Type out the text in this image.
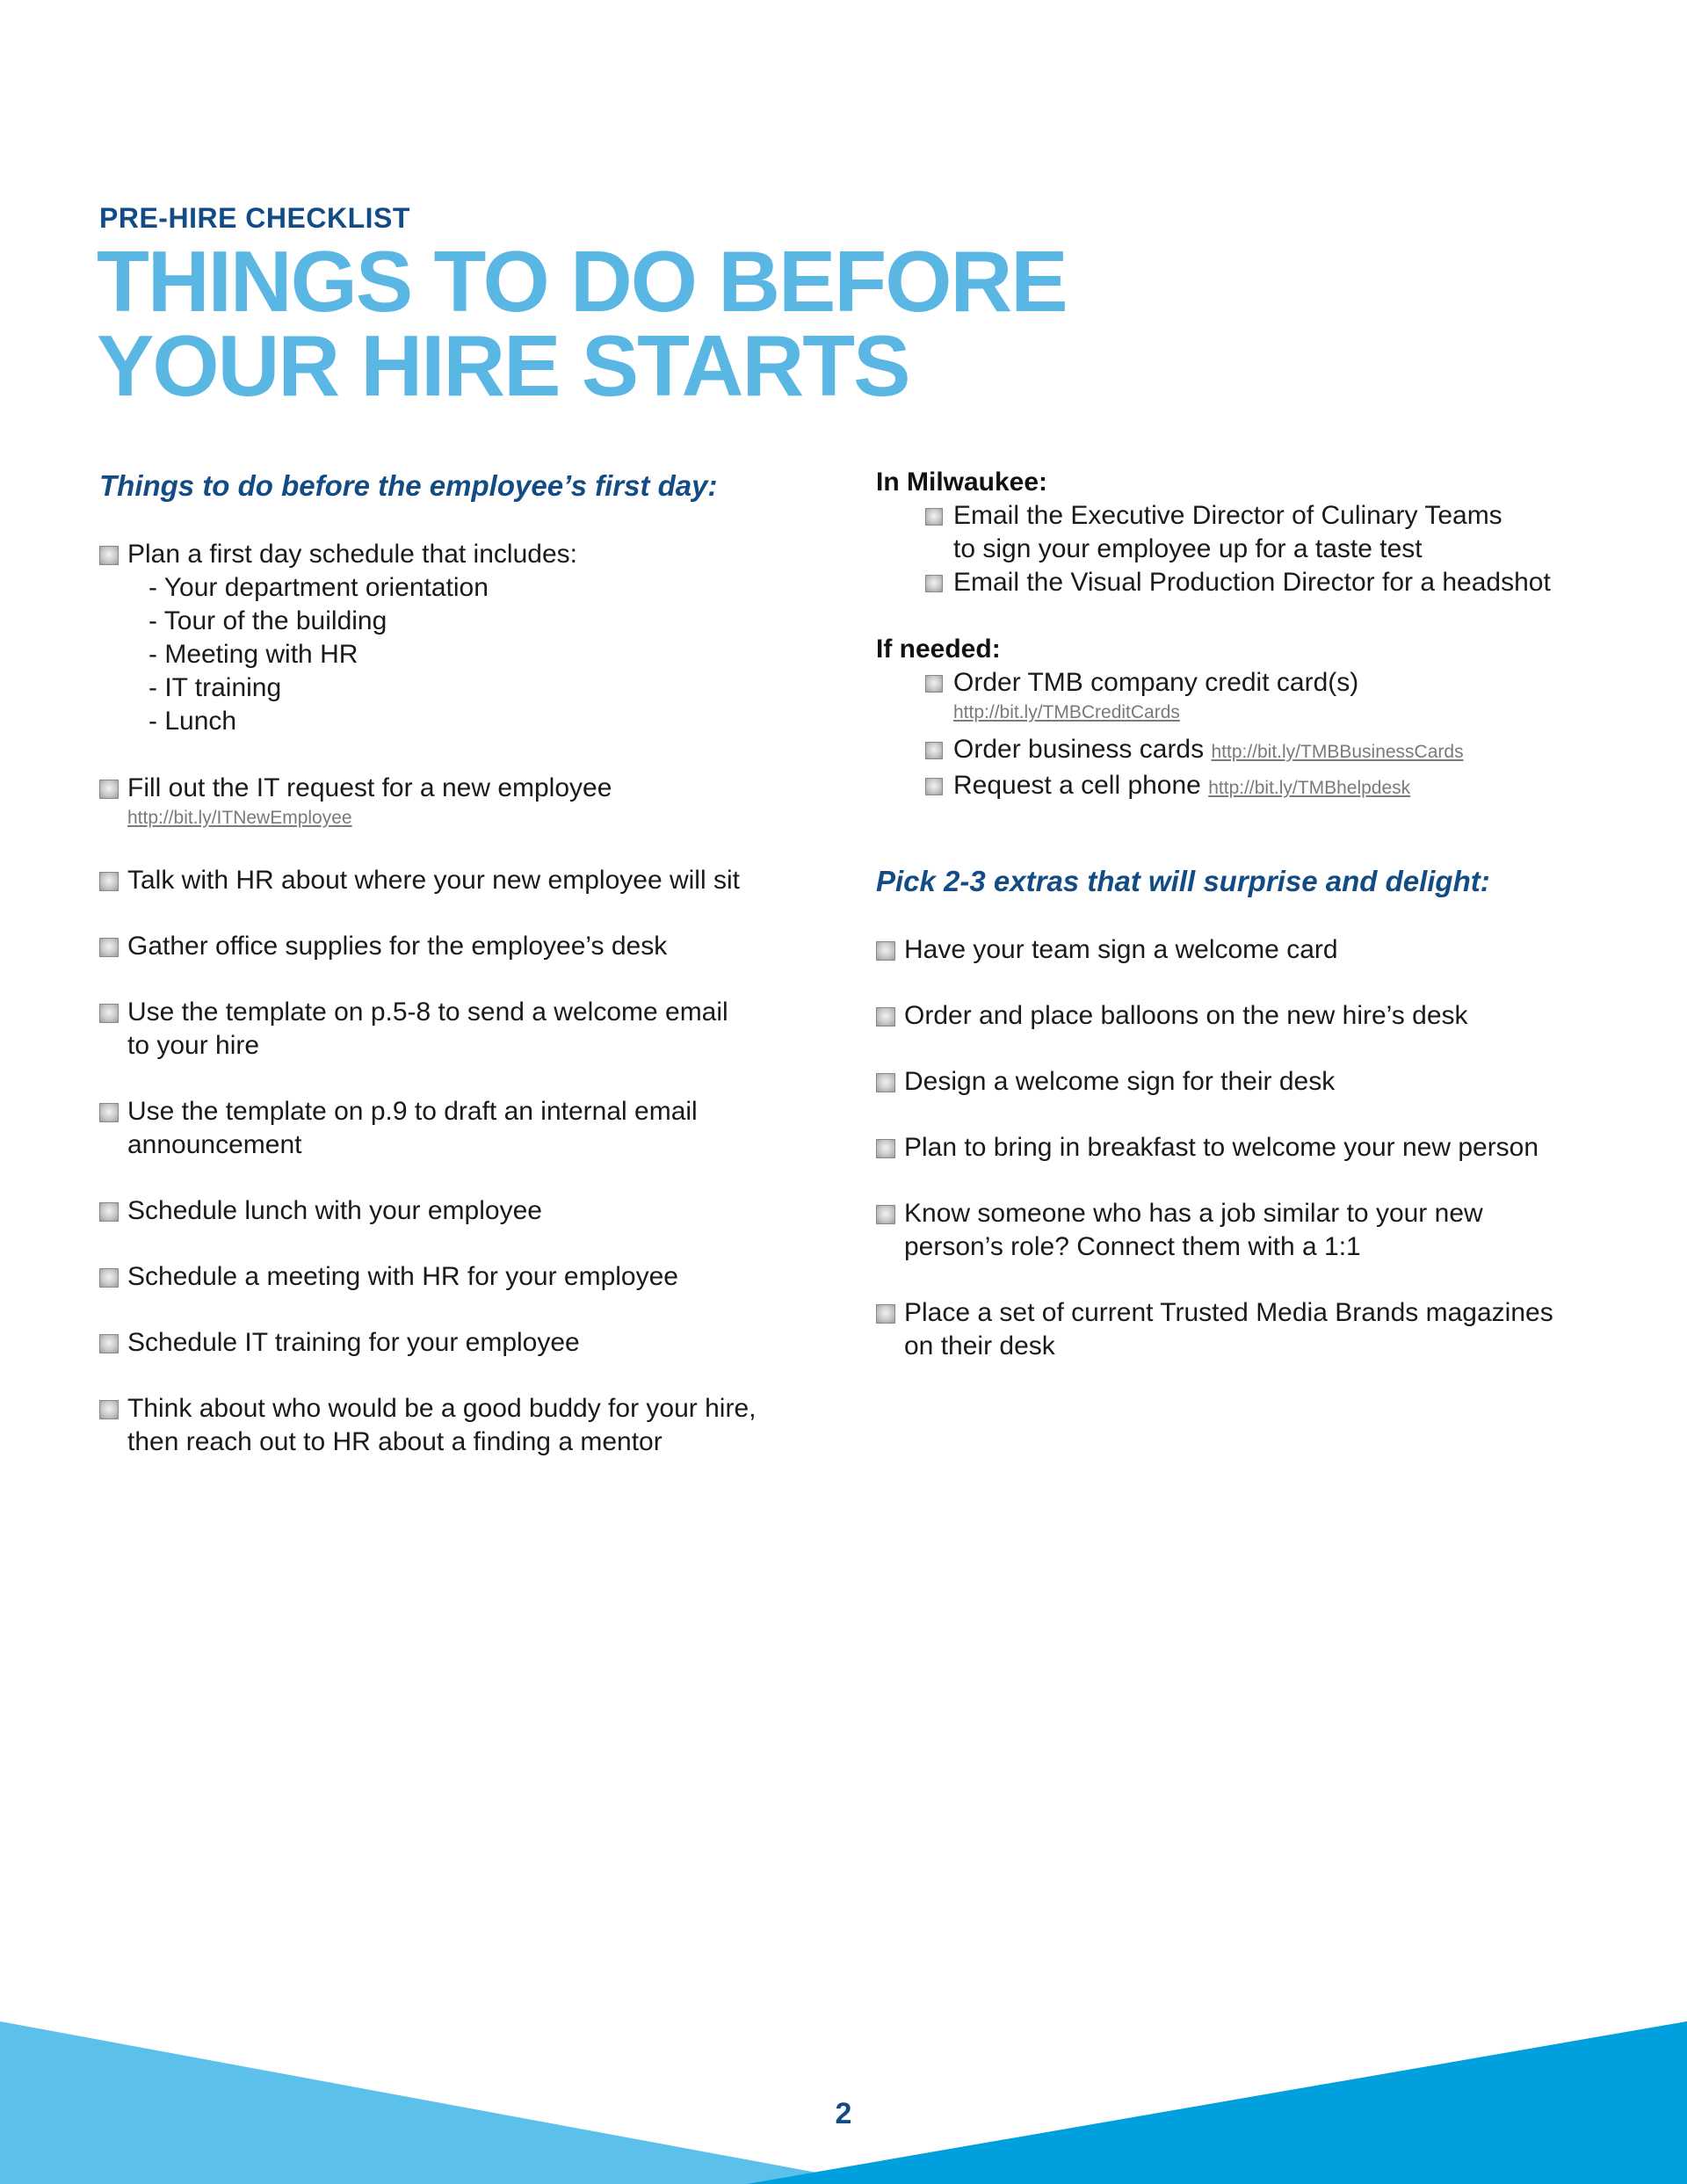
PRE-HIRE CHECKLIST
THINGS TO DO BEFORE
YOUR HIRE STARTS
Things to do before the employee’s first day:
Plan a first day schedule that includes:
- Your department orientation
- Tour of the building
- Meeting with HR
- IT training
- Lunch
Fill out the IT request for a new employee
http://bit.ly/ITNewEmployee
Talk with HR about where your new employee will sit
Gather office supplies for the employee’s desk
Use the template on p.5-8 to send a welcome email
to your hire
Use the template on p.9 to draft an internal email
announcement
Schedule lunch with your employee
Schedule a meeting with HR for your employee
Schedule IT training for your employee
Think about who would be a good buddy for your hire,
then reach out to HR about a finding a mentor
In Milwaukee:
Email the Executive Director of Culinary Teams
to sign your employee up for a taste test
Email the Visual Production Director for a headshot
If needed:
Order TMB company credit card(s)
http://bit.ly/TMBCreditCards
Order business cards http://bit.ly/TMBBusinessCards
Request a cell phone http://bit.ly/TMBhelpdesk
Pick 2-3 extras that will surprise and delight:
Have your team sign a welcome card
Order and place balloons on the new hire’s desk
Design a welcome sign for their desk
Plan to bring in breakfast to welcome your new person
Know someone who has a job similar to your new
person’s role? Connect them with a 1:1
Place a set of current Trusted Media Brands magazines
on their desk
2
